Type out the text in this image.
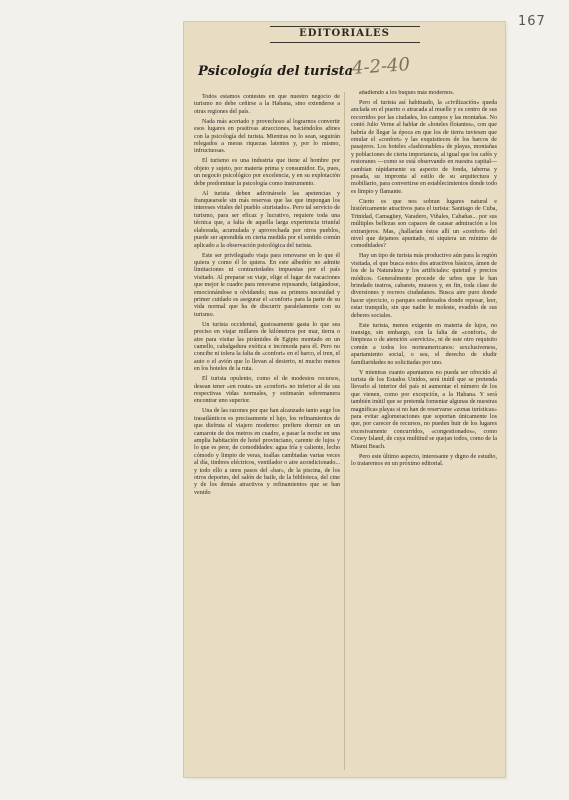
167
EDITORIALES
Psicología del turista
4-2-40

Todos estamos contestes en que nuestro negocio de turismo no debe ceñirse a la Habana, sino extenderse a otras regiones del país.

Nada más acertado y provechoso al lograrnos convertir esos lugares en positivas atracciones, haciéndolos afines con la psicología del turista. Mientras no lo sean, seguirán relegados a meras riquezas latentes y, por lo mismo, infructuosas.

El turismo es una industria que tiene al hombre por objeto y sujeto, por materia prima y consumidor. Es, pues, un negocio psicológico por excelencia, y en su explotación debe predominar la psicología como instrumento.

Al turista deben adivinársele las apetencias y franquearsele sin más reservas que las que impongan los intereses vitales del pueblo «turistado». Pero tal servicio de turismo, para ser eficaz y lucrativo, requiere toda una técnica que, a falta de aquella larga experiencia triunfal elaborada, acumulada y aprovechada por otros pueblos, puede ser aprendida en cierta medida por el sentido común aplicado a la observación psicológica del turista.

Este ser privilegiado viaja para renovarse en lo que él quiera y como él lo quiera. En este albedrío no admite limitaciones ni contrariedades impuestas por el país visitado. Al preparar su viaje, elige el lugar de vacaciones que mejor le cuadre para renovarse reposando, fatigándose, emocionándose u olvidando; mas su primera necesidad y primer cuidado es asegurar el «confort» para la parte de su vida normal que ha de discurrir paralelamente con su turismo.

Un turista occidental, gustosamente gasta lo que sea preciso en viajar millares de kilómetros por mar, tierra o aire para visitar las pirámides de Egipto montado en un camello, cabalgadura exótica e incómoda para él. Pero no concibe ni tolera la falta de «confort» en el barco, el tren, el auto o el avión que lo llevan al desierto, ni mucho menos en los hoteles de la ruta.

El turista opulento, como el de modestos recursos, desean tener «en route» un «confort» no inferior al de sus respectivas vidas normales, y estimarán sobremanera encontrar uno superior.

Una de las razones por que han alcanzado tanto auge los trasatlánticos es precisamente el lujo, los refinamientos de que disfruta el viajero moderno: prefiere dormir en un camarote de dos metros en cuadro, a pasar la noche en una amplia habitación de hotel provinciano, carente de lujos y lo que es peor, de comodidades: agua fría y caliente, lecho cómodo y limpio de veras, toallas cambiadas varias veces al día, timbres eléctricos, ventilador o aire acondicionado... y todo ello a unos pasos del «bar», de la piscina, de los otros deportes, del salón de baile, de la biblioteca, del cine y de los demás atractivos y refinamientos que se han venido

añadiendo a los buques más modernos.

Pero el turista así habituado, la «civilización» queda anclada en el puerto o atracada al muelle y es centro de sus recorridos por las ciudades, los campos y las montañas. No contó Julio Verne al hablar de «hoteles flotantes», con que habría de llegar la época en que los de tierra tuviesen que emular el «confort» y las exquisiteces de los barcos de pasajeros. Los hoteles «fashionables» de playas, montañas y poblaciones de cierta importancia, al igual que los cafés y restoranes —como se está observando en nuestra capital— cambian rápidamente su aspecto de fonda, taberna y posada, su impronta al estilo de su arquitectura y mobiliario, para convertirse en establecimientos donde todo es limpio y flamante.

Cierto es que nos sobran lugares natural e históricamente atractivos para el turista: Santiago de Cuba, Trinidad, Camagüey, Varadero, Viñales, Cabañas... por sus múltiples bellezas son capaces de causar admiración a los extranjeros. Mas, ¿hallarían éstos allí un «confort» del nivel que dejamos apuntado, ni siquiera un mínimo de comodidades?

Hay un tipo de turista más productivo aún para la región visitada, el que busca estos dos atractivos básicos, ámen de los de la Naturaleza y los artificiales: quietud y precios módicos. Generalmente procede de urbes que le han brindado teatros, cabarets, museos y, en fin, toda clase de diversiones y recreos ciudadanos. Busca aire puro donde hacer ejercicio, o parques sombreados donde reposar, leer, estar tranquilo, sin que nadie le moleste, evadido de sus deberes sociales.

Este turista, menos exigente en materia de lujos, no transige, sin embargo, con la falta de «confort», de limpieza o de atención «servicio», ni de este otro requisito común a todos los norteamericanos: sexclusiveness, apartamiento social, o sea, el derecho de eludir familiaridades no solicitadas por uno.

Y mientras cuanto apuntamos no pueda ser ofrecido al turista de los Estados Unidos, será inútil que se pretenda llevarlo al interior del país ni aumentar el número de los que vienen, como por excepción, a la Habana. Y será también inútil que se pretenda fomentar algunas de nuestras magníficas playas si no han de reservarse «zonas turísticas» para evitar aglomeraciones que soportan únicamente los que, por carecer de recursos, no pueden huir de los lugares excesivamente concurridos, «congestionados», como Coney Island, de cuya multitud se quejan todos, como de la Miami Beach.

Pero este último aspecto, interesante y digno de estudio, lo trataremos en un próximo editorial.
